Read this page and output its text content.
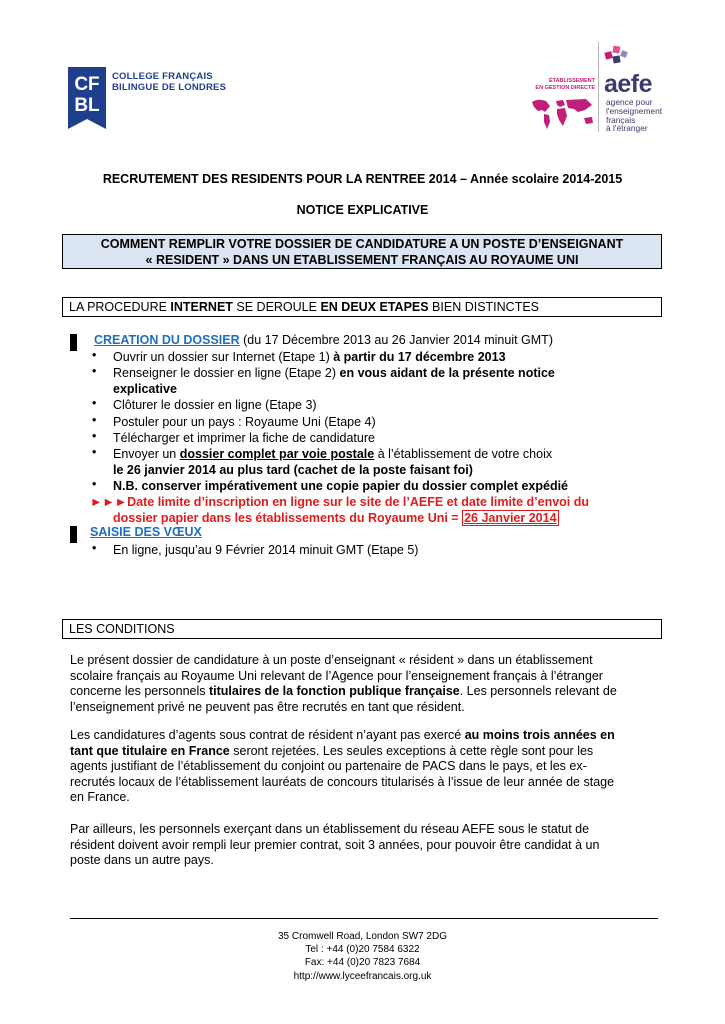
CF
BL
COLLEGE FRANÇAIS
BILINGUE DE LONDRES
ÉTABLISSEMENT
EN GESTION DIRECTE aefe
agence pour
l'enseignement
français
à l'étranger
RECRUTEMENT DES RESIDENTS POUR LA RENTREE 2014 – Année scolaire 2014-2015
NOTICE EXPLICATIVE
COMMENT REMPLIR VOTRE DOSSIER DE CANDIDATURE A UN POSTE D’ENSEIGNANT
« RESIDENT » DANS UN ETABLISSEMENT FRANÇAIS AU ROYAUME UNI
LA PROCEDURE INTERNET SE DEROULE EN DEUX ETAPES BIEN DISTINCTES
CREATION DU DOSSIER (du 17 Décembre 2013 au 26 Janvier 2014 minuit GMT)
• Ouvrir un dossier sur Internet (Etape 1) à partir du 17 décembre 2013
• Renseigner le dossier en ligne (Etape 2) en vous aidant de la présente notice
explicative
• Clôturer le dossier en ligne (Etape 3)
• Postuler pour un pays : Royaume Uni (Etape 4)
• Télécharger et imprimer la fiche de candidature
• Envoyer un dossier complet par voie postale à l’établissement de votre choix
le 26 janvier 2014 au plus tard (cachet de la poste faisant foi)
• N.B. conserver impérativement une copie papier du dossier complet expédié
►►►Date limite d’inscription en ligne sur le site de l’AEFE et date limite d’envoi du
dossier papier dans les établissements du Royaume Uni = 26 Janvier 2014
SAISIE DES VŒUX
• En ligne, jusqu’au 9 Février 2014 minuit GMT (Etape 5)
LES CONDITIONS
Le présent dossier de candidature à un poste d’enseignant « résident » dans un établissement
scolaire français au Royaume Uni relevant de l’Agence pour l’enseignement français à l’étranger
concerne les personnels titulaires de la fonction publique française. Les personnels relevant de
l’enseignement privé ne peuvent pas être recrutés en tant que résident.
Les candidatures d’agents sous contrat de résident n’ayant pas exercé au moins trois années en
tant que titulaire en France seront rejetées. Les seules exceptions à cette règle sont pour les
agents justifiant de l’établissement du conjoint ou partenaire de PACS dans le pays, et les ex-
recrutés locaux de l’établissement lauréats de concours titularisés à l’issue de leur année de stage
en France.
Par ailleurs, les personnels exerçant dans un établissement du réseau AEFE sous le statut de
résident doivent avoir rempli leur premier contrat, soit 3 années, pour pouvoir être candidat à un
poste dans un autre pays.
35 Cromwell Road, London SW7 2DG
Tel : +44 (0)20 7584 6322
Fax: +44 (0)20 7823 7684
http://www.lyceefrancais.org.uk
